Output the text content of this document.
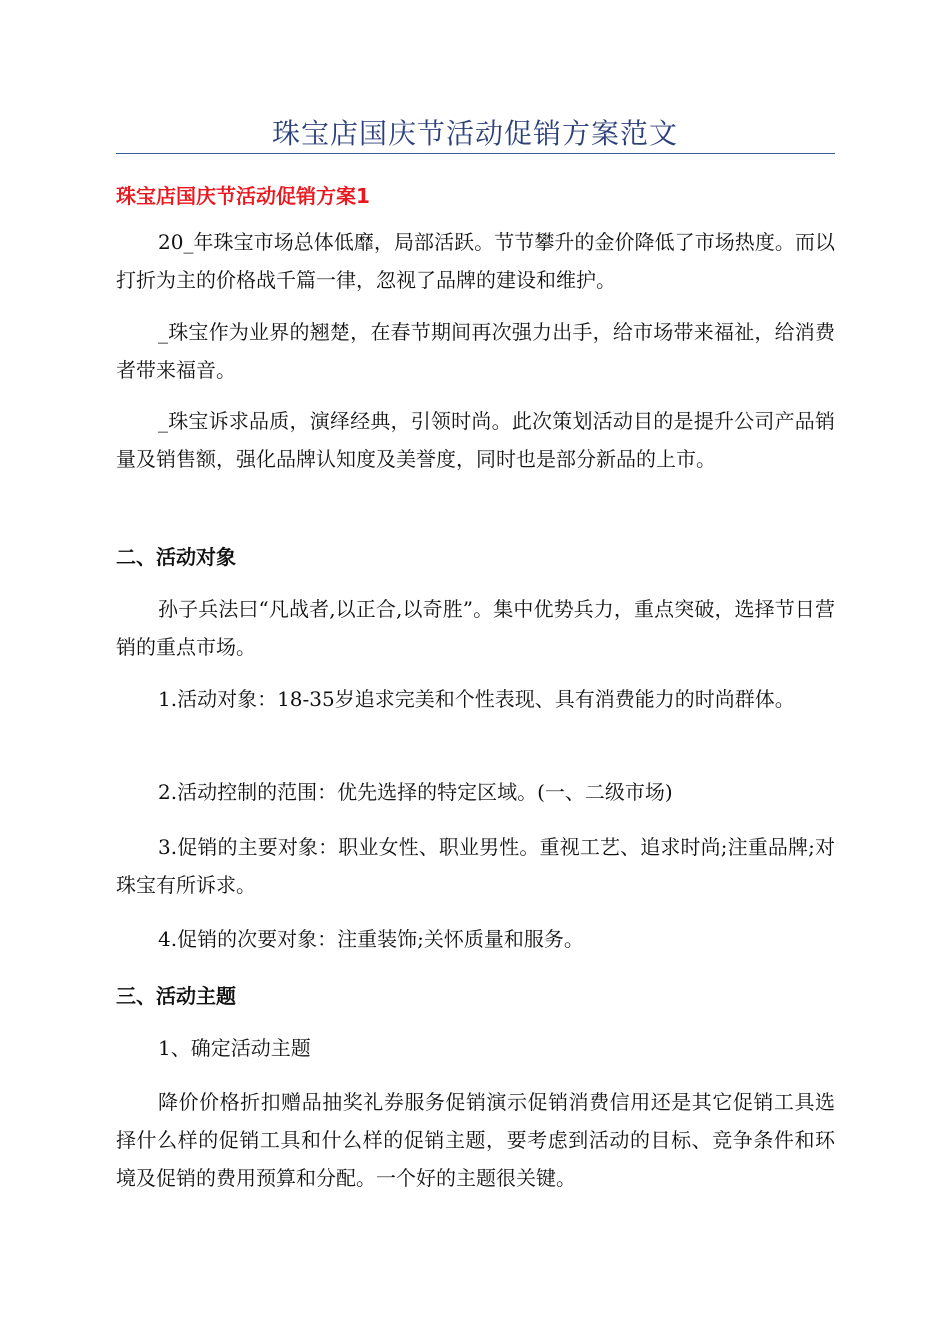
珠宝店国庆节活动促销方案范文
珠宝店国庆节活动促销方案1

20_年珠宝市场总体低靡，局部活跃。节节攀升的金价降低了市场热度。而以打折为主的价格战千篇一律，忽视了品牌的建设和维护。

_珠宝作为业界的翘楚，在春节期间再次强力出手，给市场带来福祉，给消费者带来福音。

_珠宝诉求品质，演绎经典，引领时尚。此次策划活动目的是提升公司产品销量及销售额，强化品牌认知度及美誉度，同时也是部分新品的上市。

二、活动对象

孙子兵法曰“凡战者,以正合,以奇胜”。集中优势兵力，重点突破，选择节日营销的重点市场。

1.活动对象：18-35岁追求完美和个性表现、具有消费能力的时尚群体。

2.活动控制的范围：优先选择的特定区域。(一、二级市场)

3.促销的主要对象：职业女性、职业男性。重视工艺、追求时尚;注重品牌;对珠宝有所诉求。

4.促销的次要对象：注重装饰;关怀质量和服务。

三、活动主题

1、确定活动主题

降价价格折扣赠品抽奖礼券服务促销演示促销消费信用还是其它促销工具选择什么样的促销工具和什么样的促销主题，要考虑到活动的目标、竞争条件和环境及促销的费用预算和分配。一个好的主题很关键。
